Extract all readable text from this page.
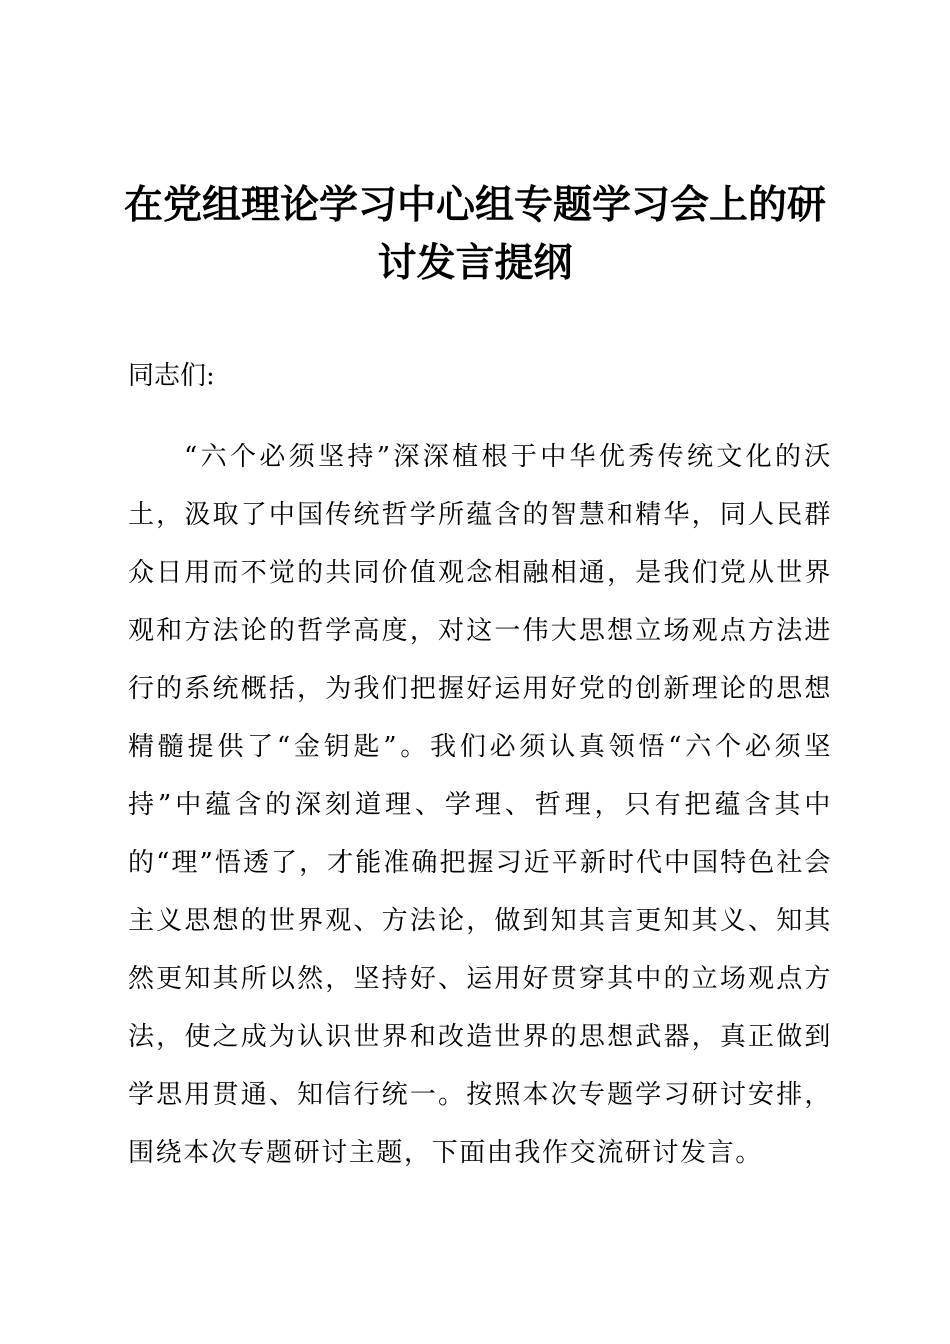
在党组理论学习中心组专题学习会上的研讨发言提纲

同志们:

“六个必须坚持”深深植根于中华优秀传统文化的沃土，汲取了中国传统哲学所蕴含的智慧和精华，同人民群众日用而不觉的共同价值观念相融相通，是我们党从世界观和方法论的哲学高度，对这一伟大思想立场观点方法进行的系统概括，为我们把握好运用好党的创新理论的思想精髓提供了“金钥匙”。我们必须认真领悟“六个必须坚持”中蕴含的深刻道理、学理、哲理，只有把蕴含其中的“理”悟透了，才能准确把握习近平新时代中国特色社会主义思想的世界观、方法论，做到知其言更知其义、知其然更知其所以然，坚持好、运用好贯穿其中的立场观点方法，使之成为认识世界和改造世界的思想武器，真正做到学思用贯通、知信行统一。按照本次专题学习研讨安排，围绕本次专题研讨主题，下面由我作交流研讨发言。
